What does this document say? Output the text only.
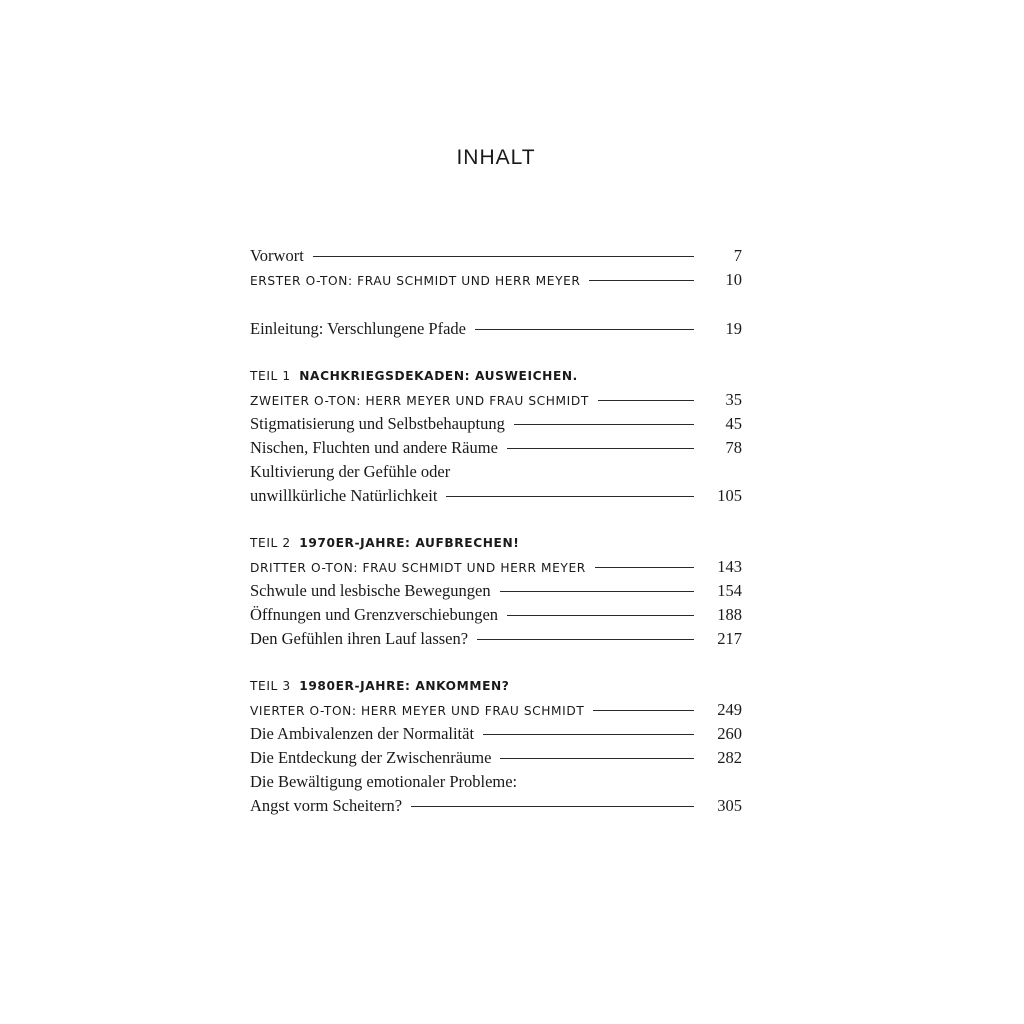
INHALT
Vorwort	7
ERSTER O-TON: FRAU SCHMIDT UND HERR MEYER	10
Einleitung: Verschlungene Pfade	19
TEIL 1 NACHKRIEGSDEKADEN: AUSWEICHEN.
ZWEITER O-TON: HERR MEYER UND FRAU SCHMIDT	35
Stigmatisierung und Selbstbehauptung	45
Nischen, Fluchten und andere Räume	78
Kultivierung der Gefühle oder
unwillkürliche Natürlichkeit	105
TEIL 2 1970ER-JAHRE: AUFBRECHEN!
DRITTER O-TON: FRAU SCHMIDT UND HERR MEYER	143
Schwule und lesbische Bewegungen	154
Öffnungen und Grenzverschiebungen	188
Den Gefühlen ihren Lauf lassen?	217
TEIL 3 1980ER-JAHRE: ANKOMMEN?
VIERTER O-TON: HERR MEYER UND FRAU SCHMIDT	249
Die Ambivalenzen der Normalität	260
Die Entdeckung der Zwischenräume	282
Die Bewältigung emotionaler Probleme:
Angst vorm Scheitern?	305
